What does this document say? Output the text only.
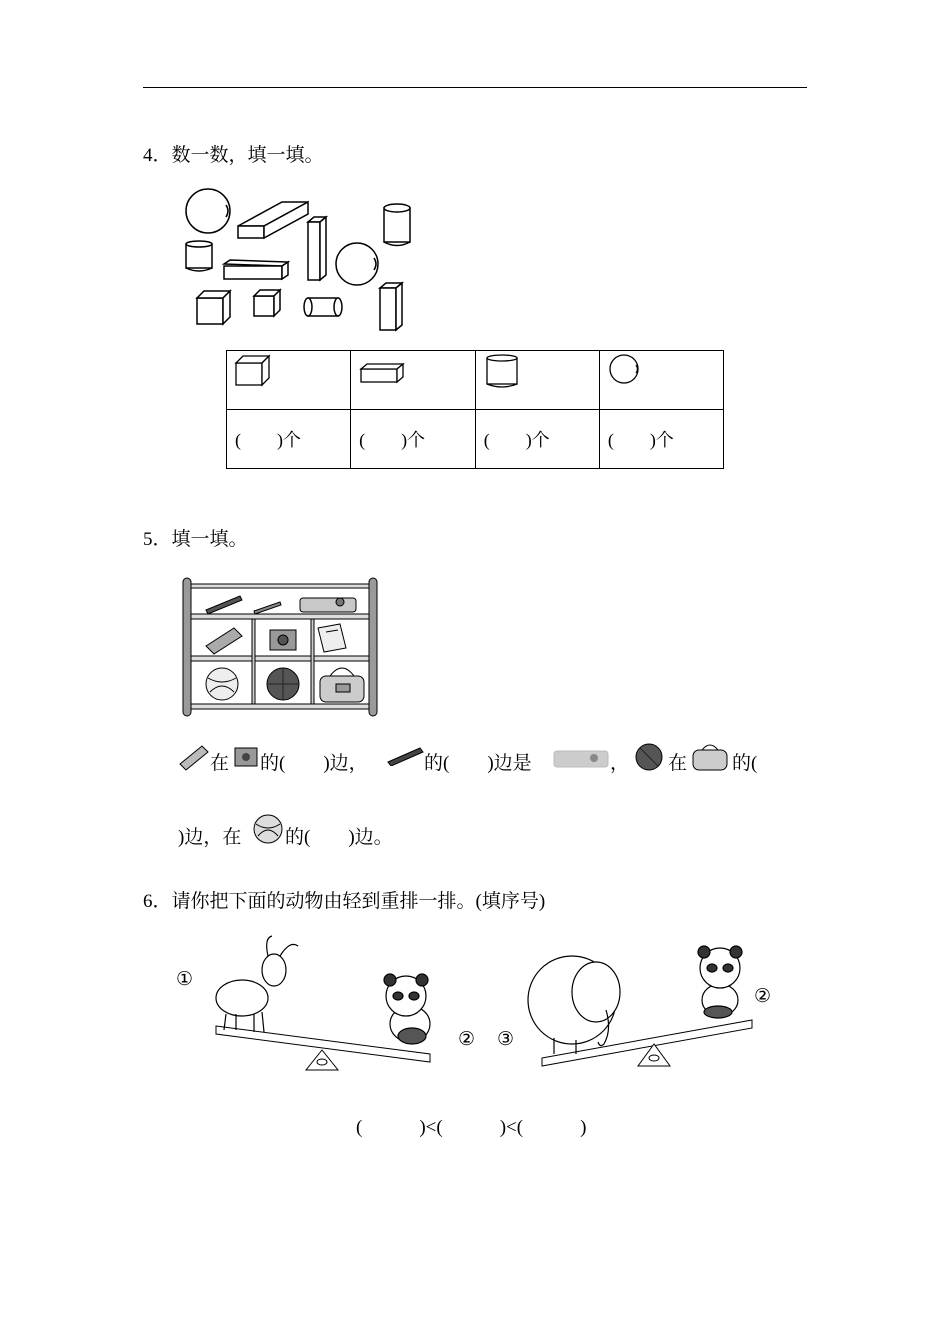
4．数一数，填一填。

(　　)个	(　　)个	(　　)个	(　　)个
5．填一填。
在 的(　　)边，	的(　　)边是	， 在 的(
)边，在 的(　　)边。
6．请你把下面的动物由轻到重排一排。(填序号)
①
② ③
②
(　　　)<(　　　)<(　　　)
